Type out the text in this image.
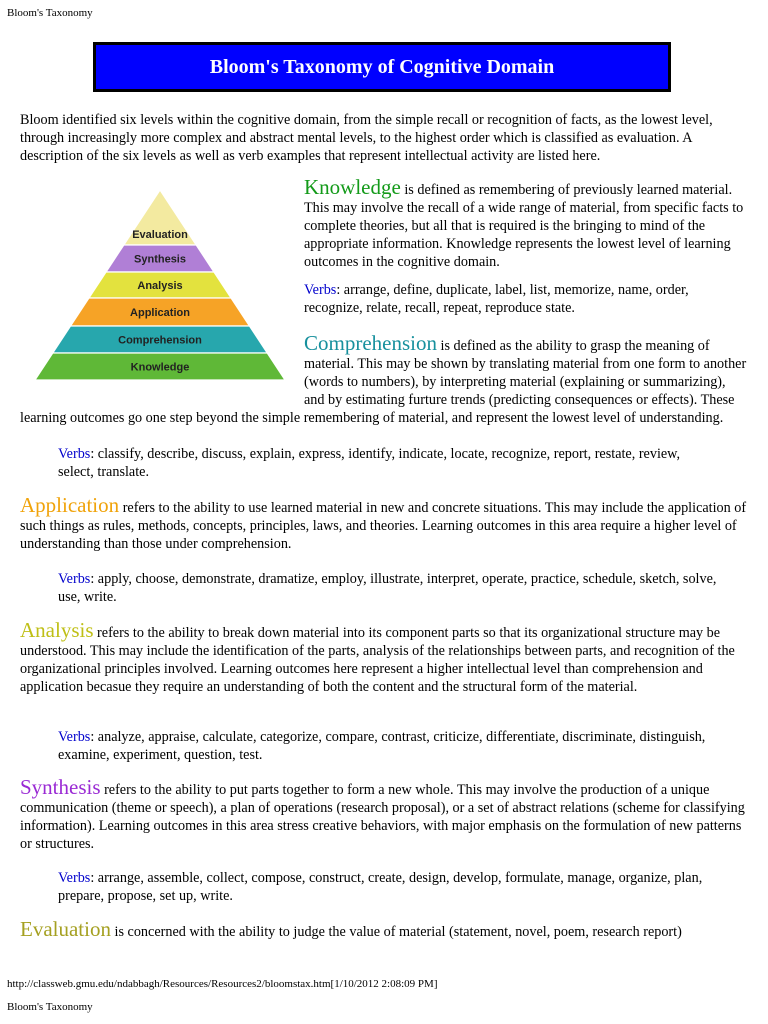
Bloom's Taxonomy
Bloom's Taxonomy of Cognitive Domain

Bloom identified six levels within the cognitive domain, from the simple recall or recognition of facts, as the lowest level, through increasingly more complex and abstract mental levels, to the highest order which is classified as evaluation. A description of the six levels as well as verb examples that represent intellectual activity are listed here.

Evaluation
Synthesis
Analysis
Application
Comprehension
Knowledge

Knowledge is defined as remembering of previously learned material. This may involve the recall of a wide range of material, from specific facts to complete theories, but all that is required is the bringing to mind of the appropriate information. Knowledge represents the lowest level of learning outcomes in the cognitive domain.

Verbs: arrange, define, duplicate, label, list, memorize, name, order, recognize, relate, recall, repeat, reproduce state.

Comprehension is defined as the ability to grasp the meaning of material. This may be shown by translating material from one form to another (words to numbers), by interpreting material (explaining or summarizing), and by estimating furture trends (predicting consequences or effects). These learning outcomes go one step beyond the simple remembering of material, and represent the lowest level of understanding.

Verbs: classify, describe, discuss, explain, express, identify, indicate, locate, recognize, report, restate, review, select, translate.

Application refers to the ability to use learned material in new and concrete situations. This may include the application of such things as rules, methods, concepts, principles, laws, and theories. Learning outcomes in this area require a higher level of understanding than those under comprehension.

Verbs: apply, choose, demonstrate, dramatize, employ, illustrate, interpret, operate, practice, schedule, sketch, solve, use, write.

Analysis refers to the ability to break down material into its component parts so that its organizational structure may be understood. This may include the identification of the parts, analysis of the relationships between parts, and recognition of the organizational principles involved. Learning outcomes here represent a higher intellectual level than comprehension and application becasue they require an understanding of both the content and the structural form of the material.

Verbs: analyze, appraise, calculate, categorize, compare, contrast, criticize, differentiate, discriminate, distinguish, examine, experiment, question, test.

Synthesis refers to the ability to put parts together to form a new whole. This may involve the production of a unique communication (theme or speech), a plan of operations (research proposal), or a set of abstract relations (scheme for classifying information). Learning outcomes in this area stress creative behaviors, with major emphasis on the formulation of new patterns or structures.

Verbs: arrange, assemble, collect, compose, construct, create, design, develop, formulate, manage, organize, plan, prepare, propose, set up, write.

Evaluation is concerned with the ability to judge the value of material (statement, novel, poem, research report)

http://classweb.gmu.edu/ndabbagh/Resources/Resources2/bloomstax.htm[1/10/2012 2:08:09 PM]
Bloom's Taxonomy
